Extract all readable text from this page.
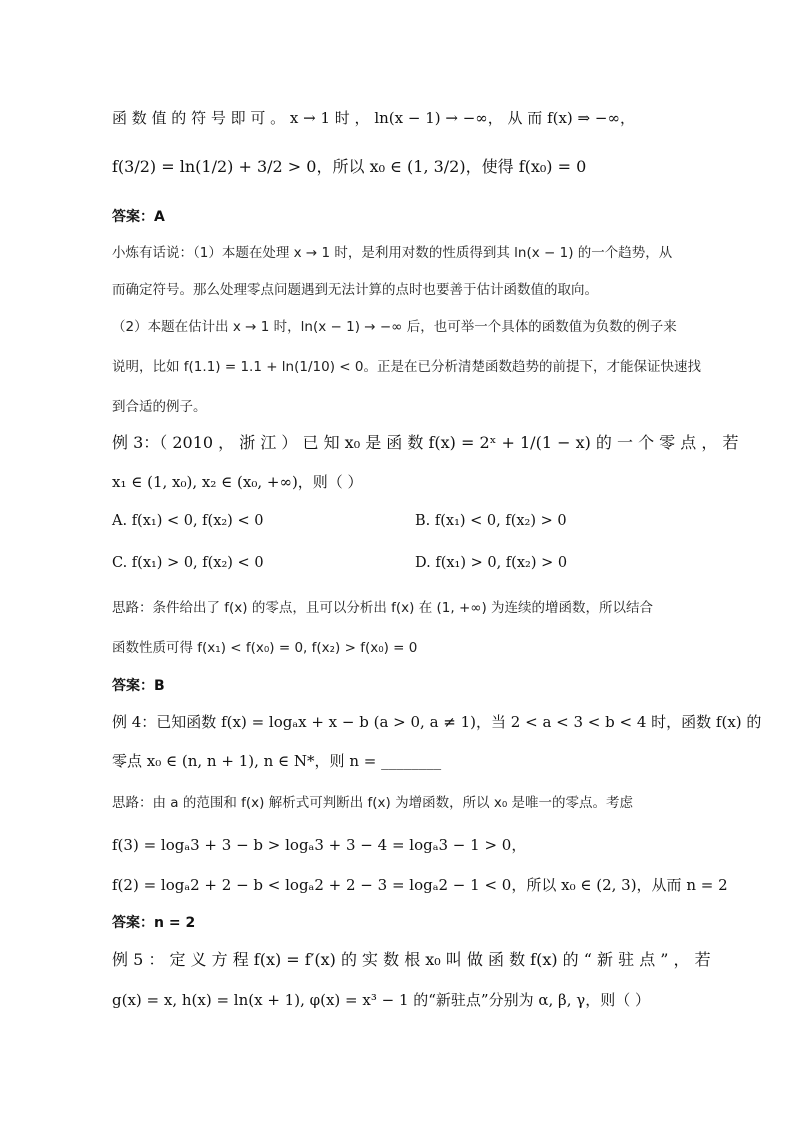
函 数 值 的 符 号 即 可 。 x → 1 时 ， ln(x − 1) → −∞， 从 而 f(x) ⇒ −∞，
f(3/2) = ln(1/2) + 3/2 > 0，所以 x₀ ∈ (1, 3/2)，使得 f(x₀) = 0
答案：A
小炼有话说：（1）本题在处理 x → 1 时，是利用对数的性质得到其 ln(x − 1) 的一个趋势，从
而确定符号。那么处理零点问题遇到无法计算的点时也要善于估计函数值的取向。
（2）本题在估计出 x → 1 时，ln(x − 1) → −∞ 后，也可举一个具体的函数值为负数的例子来
说明，比如 f(1.1) = 1.1 + ln(1/10) < 0。正是在已分析清楚函数趋势的前提下，才能保证快速找
到合适的例子。
例 3：（ 2010 ， 浙 江 ） 已 知 x₀ 是 函 数 f(x) = 2ˣ + 1/(1 − x) 的 一 个 零 点 ， 若
x₁ ∈ (1, x₀), x₂ ∈ (x₀, +∞)，则（ ）
A. f(x₁) < 0, f(x₂) < 0	B. f(x₁) < 0, f(x₂) > 0
C. f(x₁) > 0, f(x₂) < 0	D. f(x₁) > 0, f(x₂) > 0
思路：条件给出了 f(x) 的零点，且可以分析出 f(x) 在 (1, +∞) 为连续的增函数，所以结合
函数性质可得 f(x₁) < f(x₀) = 0, f(x₂) > f(x₀) = 0
答案：B
例 4：已知函数 f(x) = logₐx + x − b (a > 0, a ≠ 1)，当 2 < a < 3 < b < 4 时，函数 f(x) 的
零点 x₀ ∈ (n, n + 1), n ∈ N*，则 n = ________
思路：由 a 的范围和 f(x) 解析式可判断出 f(x) 为增函数，所以 x₀ 是唯一的零点。考虑
f(3) = logₐ3 + 3 − b > logₐ3 + 3 − 4 = logₐ3 − 1 > 0，
f(2) = logₐ2 + 2 − b < logₐ2 + 2 − 3 = logₐ2 − 1 < 0，所以 x₀ ∈ (2, 3)，从而 n = 2
答案：n = 2
例 5 ： 定 义 方 程 f(x) = f′(x) 的 实 数 根 x₀ 叫 做 函 数 f(x) 的 “ 新 驻 点 ” ， 若
g(x) = x, h(x) = ln(x + 1), φ(x) = x³ − 1 的“新驻点”分别为 α, β, γ，则（ ）
